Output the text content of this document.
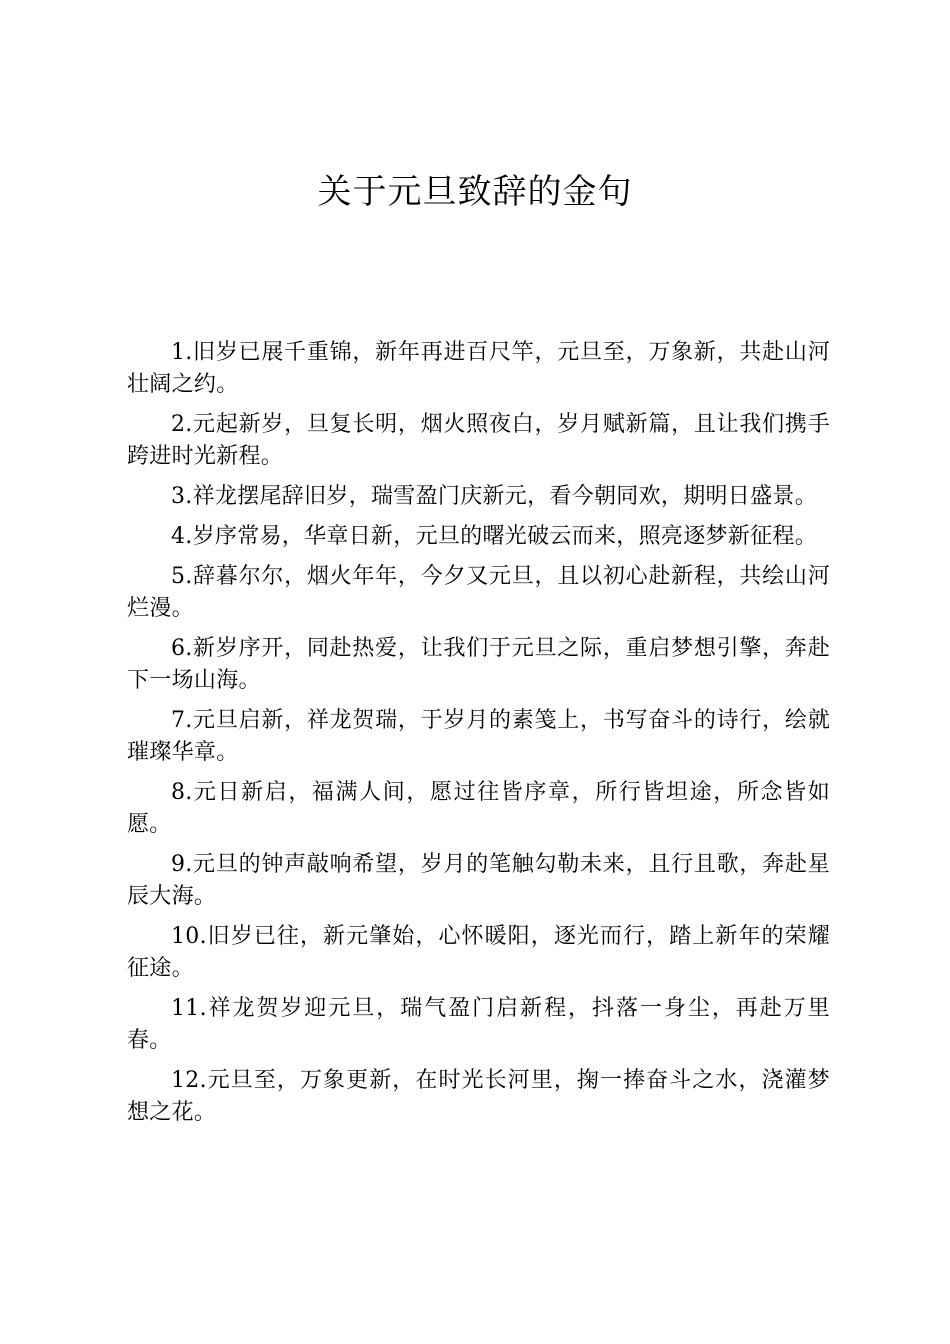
关于元旦致辞的金句

1.旧岁已展千重锦，新年再进百尺竿，元旦至，万象新，共赴山河壮阔之约。

2.元起新岁，旦复长明，烟火照夜白，岁月赋新篇，且让我们携手跨进时光新程。

3.祥龙摆尾辞旧岁，瑞雪盈门庆新元，看今朝同欢，期明日盛景。

4.岁序常易，华章日新，元旦的曙光破云而来，照亮逐梦新征程。

5.辞暮尔尔，烟火年年，今夕又元旦，且以初心赴新程，共绘山河烂漫。

6.新岁序开，同赴热爱，让我们于元旦之际，重启梦想引擎，奔赴下一场山海。

7.元旦启新，祥龙贺瑞，于岁月的素笺上，书写奋斗的诗行，绘就璀璨华章。

8.元日新启，福满人间，愿过往皆序章，所行皆坦途，所念皆如愿。

9.元旦的钟声敲响希望，岁月的笔触勾勒未来，且行且歌，奔赴星辰大海。

10.旧岁已往，新元肇始，心怀暖阳，逐光而行，踏上新年的荣耀征途。

11.祥龙贺岁迎元旦，瑞气盈门启新程，抖落一身尘，再赴万里春。

12.元旦至，万象更新，在时光长河里，掬一捧奋斗之水，浇灌梦想之花。
